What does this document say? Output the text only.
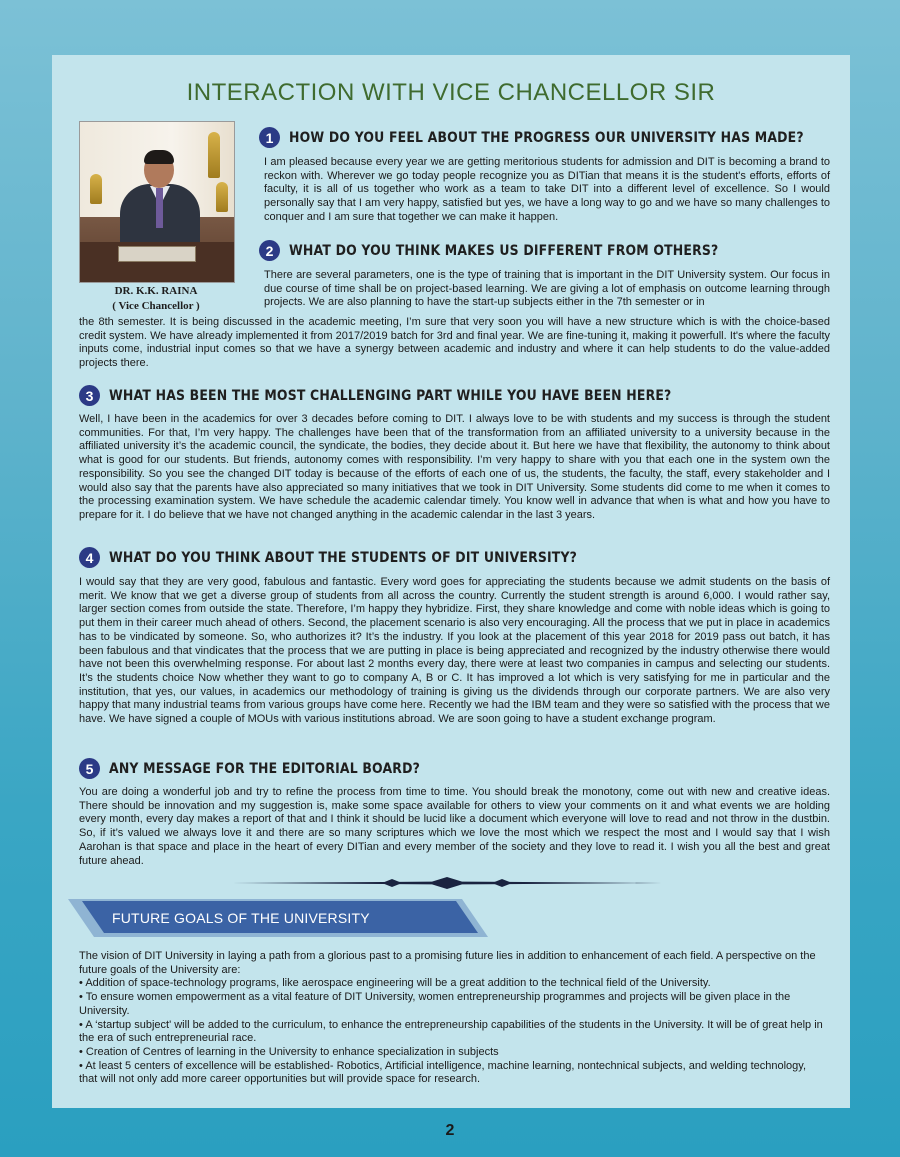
INTERACTION WITH VICE CHANCELLOR SIR
DR. K.K. RAINA
( Vice Chancellor )
1	HOW DO YOU FEEL ABOUT THE PROGRESS OUR UNIVERSITY HAS MADE?

I am pleased because every year we are getting meritorious students for admission and DIT is becoming a brand to reckon with. Wherever we go today people recognize you as DITian that means it is the student's efforts, efforts of faculty, it is all of us together who work as a team to take DIT into a different level of excellence. So I would personally say that I am very happy, satisfied but yes, we have a long way to go and we have so many challenges to conquer and I am sure that together we can make it happen.

2	WHAT DO YOU THINK MAKES US DIFFERENT FROM OTHERS?

There are several parameters, one is the type of training that is important in the DIT University system. Our focus in due course of time shall be on project-based learning. We are giving a lot of emphasis on outcome learning through projects. We are also planning to have the start-up subjects either in the 7th semester or in

the 8th semester. It is being discussed in the academic meeting, I’m sure that very soon you will have a new structure which is with the choice-based credit system. We have already implemented it from 2017/2019 batch for 3rd and final year. We are fine-tuning it, making it powerfull. It's where the faculty inputs come, industrial input comes so that we have a synergy between academic and industry and where it can help students to do the value-added projects there.

3	WHAT HAS BEEN THE MOST CHALLENGING PART WHILE YOU HAVE BEEN HERE?

Well, I have been in the academics for over 3 decades before coming to DIT. I always love to be with students and my success is through the student communities. For that, I’m very happy. The challenges have been that of the transformation from an affiliated university to a university because in the affiliated university it’s the academic council, the syndicate, the bodies, they decide about it. But here we have that flexibility, the autonomy to think about what is good for our students. But friends, autonomy comes with responsibility. I’m very happy to share with you that each one in the system own the responsibility. So you see the changed DIT today is because of the efforts of each one of us, the students, the faculty, the staff, every stakeholder and I would also say that the parents have also appreciated so many initiatives that we took in DIT University. Some students did come to me when it comes to the processing examination system. We have schedule the academic calendar timely. You know well in advance that when is what and how you have to prepare for it. I do believe that we have not changed anything in the academic calendar in the last 3 years.

4	WHAT DO YOU THINK ABOUT THE STUDENTS OF DIT UNIVERSITY?

I would say that they are very good, fabulous and fantastic. Every word goes for appreciating the students because we admit students on the basis of merit. We know that we get a diverse group of students from all across the country. Currently the student strength is around 6,000. I would rather say, larger section comes from outside the state. Therefore, I’m happy they hybridize. First, they share knowledge and come with noble ideas which is going to put them in their career much ahead of others. Second, the placement scenario is also very encouraging. All the process that we put in place in academics has to be vindicated by someone. So, who authorizes it? It’s the industry. If you look at the placement of this year 2018 for 2019 pass out batch, it has been fabulous and that vindicates that the process that we are putting in place is being appreciated and recognized by the industry otherwise there would have not been this overwhelming response. For about last 2 months every day, there were at least two companies in campus and selecting our students. It’s the students choice Now whether they want to go to company A, B or C. It has improved a lot which is very satisfying for me in particular and the institution, that yes, our values, in academics our methodology of training is giving us the dividends through our corporate partners. We are also very happy that many industrial teams from various groups have come here. Recently we had the IBM team and they were so satisfied with the process that we have. We have signed a couple of MOUs with various institutions abroad. We are soon going to have a student exchange program.

5	ANY MESSAGE FOR THE EDITORIAL BOARD?

You are doing a wonderful job and try to refine the process from time to time. You should break the monotony, come out with new and creative ideas. There should be innovation and my suggestion is, make some space available for others to view your comments on it and what events we are holding every month, every day makes a report of that and I think it should be lucid like a document which everyone will love to read and not throw in the dustbin. So, if it’s valued we always love it and there are so many scriptures which we love the most which we respect the most and I would say that I wish Aarohan is that space and place in the heart of every DITian and every member of the society and they love to read it. I wish you all the best and great future ahead.

FUTURE GOALS OF THE UNIVERSITY

The vision of DIT University in laying a path from a glorious past to a promising future lies in addition to enhancement of each field. A perspective on the future goals of the University are:

• Addition of space-technology programs, like aerospace engineering will be a great addition to the technical field of the University.
• To ensure women empowerment as a vital feature of DIT University, women entrepreneurship programmes and projects will be given place in the University.
• A ‘startup subject' will be added to the curriculum, to enhance the entrepreneurship capabilities of the students in the University. It will be of great help in the era of such entrepreneurial race.
• Creation of Centres of learning in the University to enhance specialization in subjects
• At least 5 centers of excellence will be established- Robotics, Artificial intelligence, machine learning, nontechnical subjects, and welding technology, that will not only add more career opportunities but will provide space for research.
2
